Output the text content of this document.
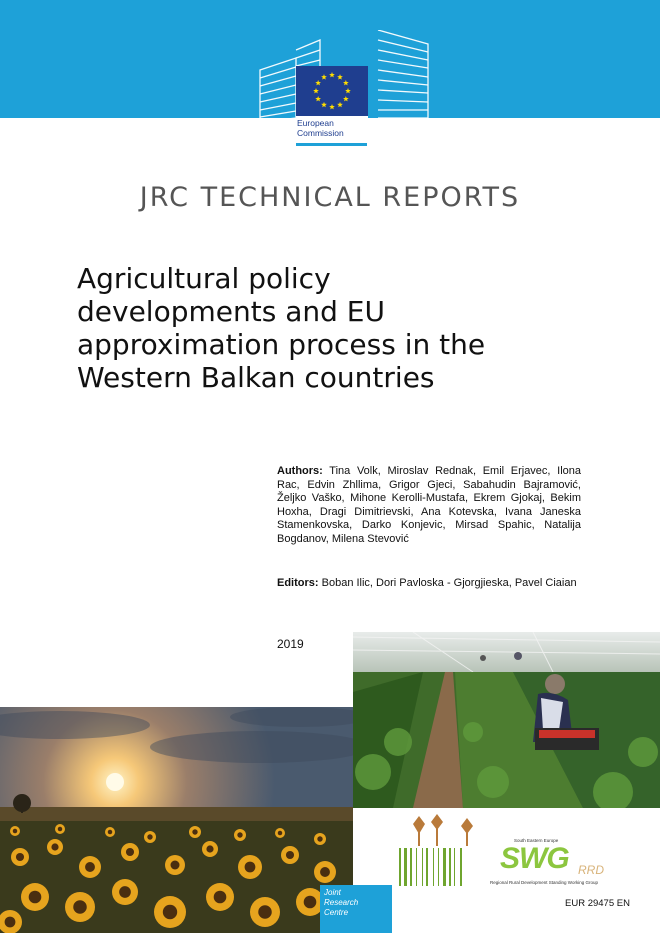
European
Commission
JRC TECHNICAL REPORTS
Agricultural policy
developments and EU
approximation process in the
Western Balkan countries
Authors: Tina Volk, Miroslav Rednak, Emil Erjavec, Ilona Rac, Edvin Zhllima, Grigor Gjeci, Sabahudin Bajramović, Željko Vaško, Mihone Kerolli-Mustafa, Ekrem Gjokaj, Bekim Hoxha, Dragi Dimitrievski, Ana Kotevska, Ivana Janeska Stamenkovska, Darko Konjevic, Mirsad Spahic, Natalija Bogdanov, Milena Stevović
Editors: Boban Ilic, Dori Pavloska - Gjorgjieska, Pavel Ciaian
2019
South Eastern Europe
SWG RRD
Regional Rural Development Standing Working Group
Joint
Research
Centre
EUR 29475 EN
